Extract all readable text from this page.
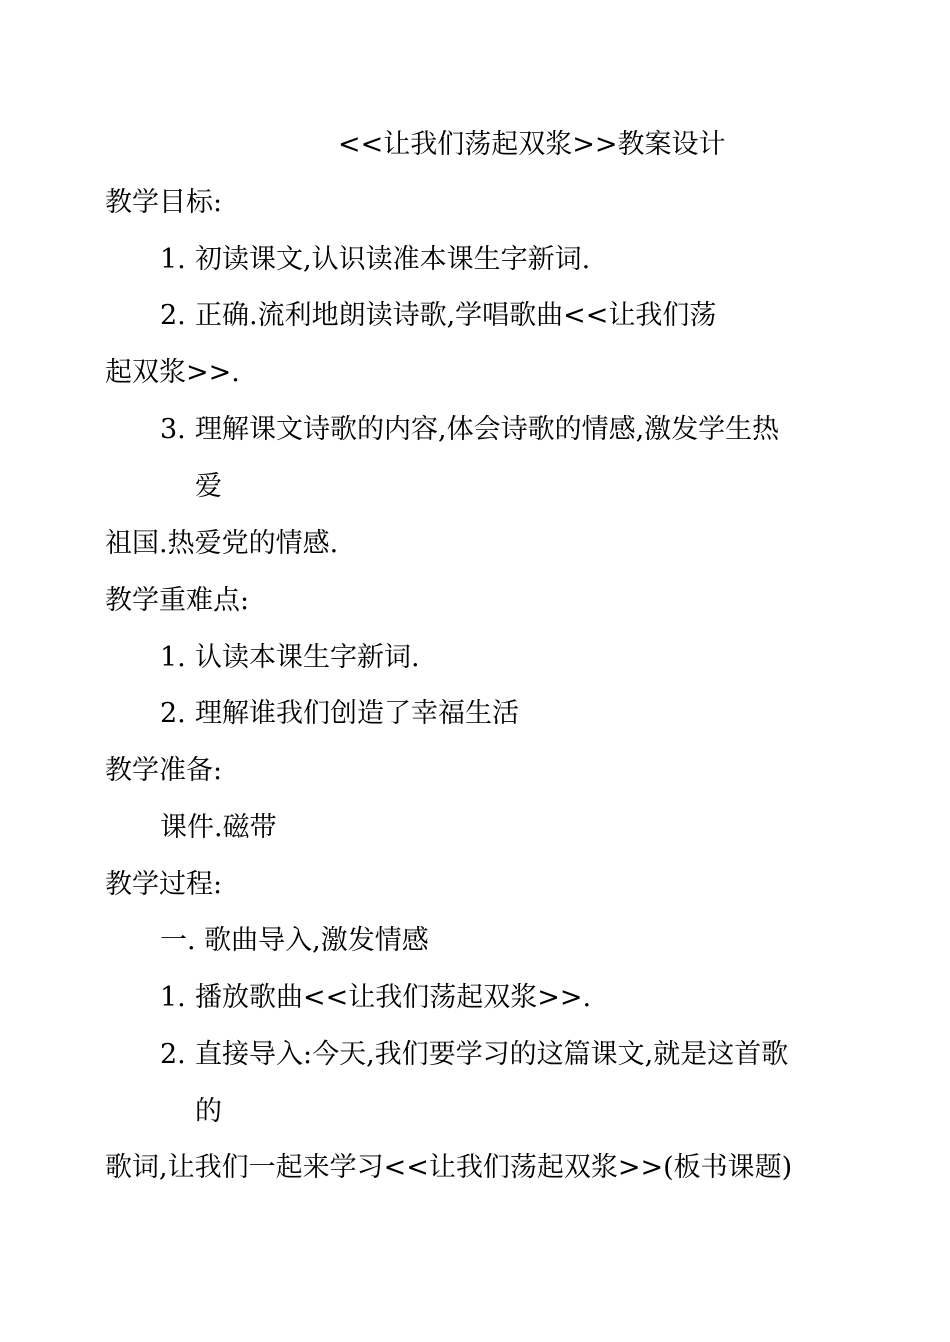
<<让我们荡起双浆>>教案设计
教学目标:
1. 初读课文,认识读准本课生字新词.
2. 正确.流利地朗读诗歌,学唱歌曲<<让我们荡
起双浆>>.
3. 理解课文诗歌的内容,体会诗歌的情感,激发学生热
爱
祖国.热爱党的情感.
教学重难点:
1. 认读本课生字新词.
2. 理解谁我们创造了幸福生活
教学准备:
课件.磁带
教学过程:
一. 歌曲导入,激发情感
1. 播放歌曲<<让我们荡起双浆>>.
2. 直接导入:今天,我们要学习的这篇课文,就是这首歌
的
歌词,让我们一起来学习<<让我们荡起双浆>>(板书课题)
